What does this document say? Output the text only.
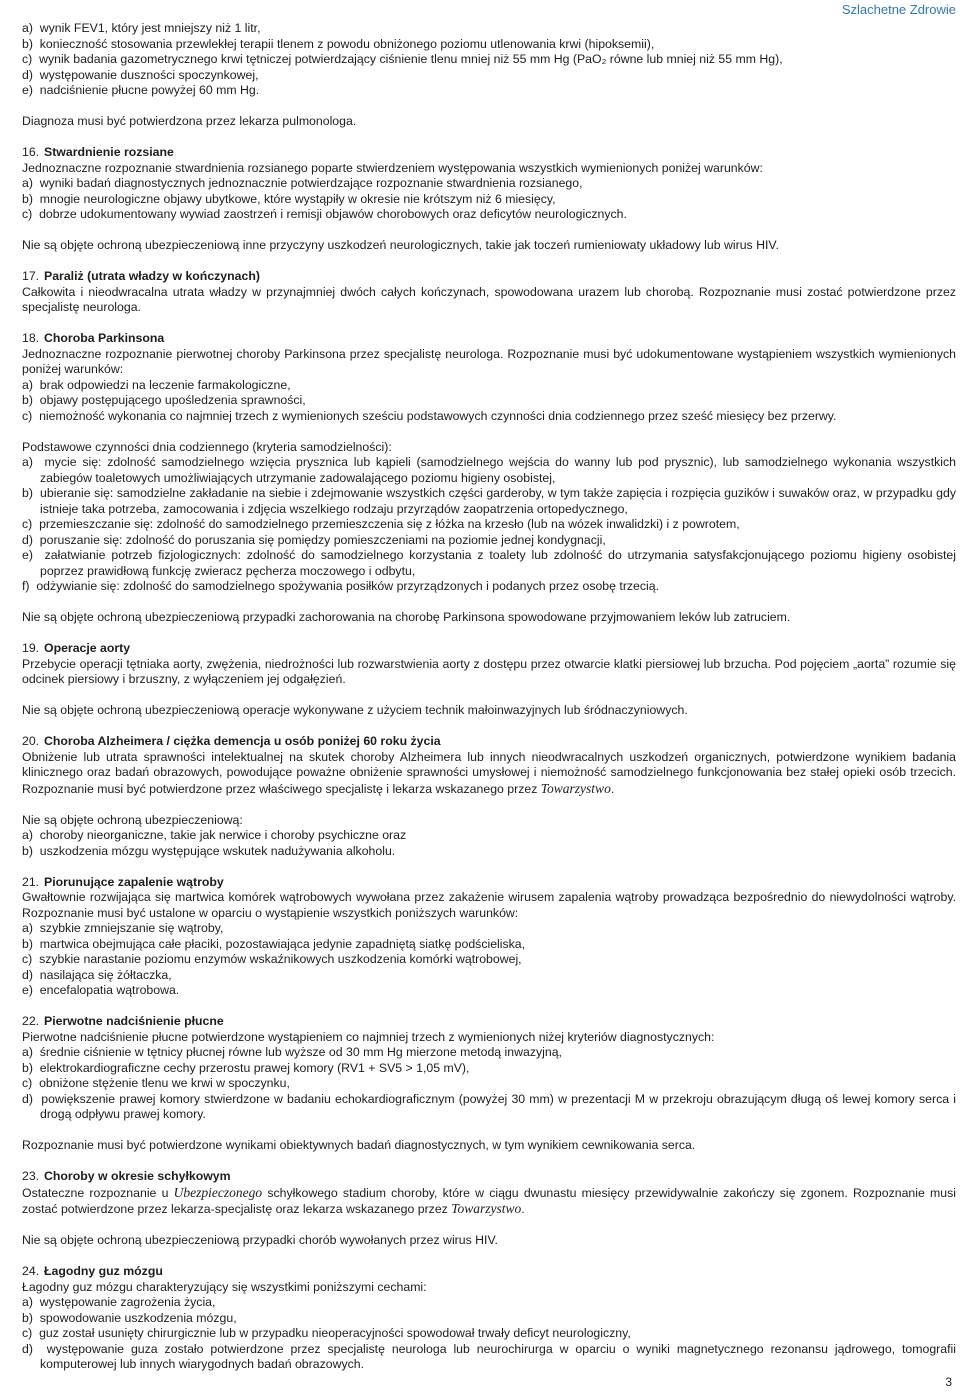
Szlachetne Zdrowie

a)  wynik FEV1, który jest mniejszy niż 1 litr,

b)  konieczność stosowania przewlekłej terapii tlenem z powodu obniżonego poziomu utlenowania krwi (hipoksemii),

c)  wynik badania gazometrycznego krwi tętniczej potwierdzający ciśnienie tlenu mniej niż 55 mm Hg (PaO₂ równe lub mniej niż 55 mm Hg),

d)  występowanie duszności spoczynkowej,

e)  nadciśnienie płucne powyżej 60 mm Hg.

Diagnoza musi być potwierdzona przez lekarza pulmonologa.

16. Stwardnienie rozsiane

Jednoznaczne rozpoznanie stwardnienia rozsianego poparte stwierdzeniem występowania wszystkich wymienionych poniżej warunków:

a)  wyniki badań diagnostycznych jednoznacznie potwierdzające rozpoznanie stwardnienia rozsianego,

b)  mnogie neurologiczne objawy ubytkowe, które wystąpiły w okresie nie krótszym niż 6 miesięcy,

c)  dobrze udokumentowany wywiad zaostrzeń i remisji objawów chorobowych oraz deficytów neurologicznych.

Nie są objęte ochroną ubezpieczeniową inne przyczyny uszkodzeń neurologicznych, takie jak toczeń rumieniowaty układowy lub wirus HIV.

17. Paraliż (utrata władzy w kończynach)

Całkowita i nieodwracalna utrata władzy w przynajmniej dwóch całych kończynach, spowodowana urazem lub chorobą. Rozpoznanie musi zostać potwierdzone przez specjalistę neurologa.

18. Choroba Parkinsona

Jednoznaczne rozpoznanie pierwotnej choroby Parkinsona przez specjalistę neurologa. Rozpoznanie musi być udokumentowane wystąpieniem wszystkich wymienionych poniżej warunków:

a)  brak odpowiedzi na leczenie farmakologiczne,

b)  objawy postępującego upośledzenia sprawności,

c)  niemożność wykonania co najmniej trzech z wymienionych sześciu podstawowych czynności dnia codziennego przez sześć miesięcy bez przerwy.

Podstawowe czynności dnia codziennego (kryteria samodzielności):

a)  mycie się: zdolność samodzielnego wzięcia prysznica lub kąpieli (samodzielnego wejścia do wanny lub pod prysznic), lub samodzielnego wykonania wszystkich zabiegów toaletowych umożliwiających utrzymanie zadowalającego poziomu higieny osobistej,

b)  ubieranie się: samodzielne zakładanie na siebie i zdejmowanie wszystkich części garderoby, w tym także zapięcia i rozpięcia guzików i suwaków oraz, w przypadku gdy istnieje taka potrzeba, zamocowania i zdjęcia wszelkiego rodzaju przyrządów zaopatrzenia ortopedycznego,

c)  przemieszczanie się: zdolność do samodzielnego przemieszczenia się z łóżka na krzesło (lub na wózek inwalidzki) i z powrotem,

d)  poruszanie się: zdolność do poruszania się pomiędzy pomieszczeniami na poziomie jednej kondygnacji,

e)  załatwianie potrzeb fizjologicznych: zdolność do samodzielnego korzystania z toalety lub zdolność do utrzymania satysfakcjonującego poziomu higieny osobistej poprzez prawidłową funkcję zwieracz pęcherza moczowego i odbytu,

f)  odżywianie się: zdolność do samodzielnego spożywania posiłków przyrządzonych i podanych przez osobę trzecią.

Nie są objęte ochroną ubezpieczeniową przypadki zachorowania na chorobę Parkinsona spowodowane przyjmowaniem leków lub zatruciem.

19. Operacje aorty

Przebycie operacji tętniaka aorty, zwężenia, niedrożności lub rozwarstwienia aorty z dostępu przez otwarcie klatki piersiowej lub brzucha. Pod pojęciem „aorta” rozumie się odcinek piersiowy i brzuszny, z wyłączeniem jej odgałęzień.

Nie są objęte ochroną ubezpieczeniową operacje wykonywane z użyciem technik małoinwazyjnych lub śródnaczyniowych.

20. Choroba Alzheimera / ciężka demencja u osób poniżej 60 roku życia

Obniżenie lub utrata sprawności intelektualnej na skutek choroby Alzheimera lub innych nieodwracalnych uszkodzeń organicznych, potwierdzone wynikiem badania klinicznego oraz badań obrazowych, powodujące poważne obniżenie sprawności umysłowej i niemożność samodzielnego funkcjonowania bez stałej opieki osób trzecich. Rozpoznanie musi być potwierdzone przez właściwego specjalistę i lekarza wskazanego przez Towarzystwo.

Nie są objęte ochroną ubezpieczeniową:

a)  choroby nieorganiczne, takie jak nerwice i choroby psychiczne oraz

b)  uszkodzenia mózgu występujące wskutek nadużywania alkoholu.

21. Piorunujące zapalenie wątroby

Gwałtownie rozwijająca się martwica komórek wątrobowych wywołana przez zakażenie wirusem zapalenia wątroby prowadząca bezpośrednio do niewydolności wątroby. Rozpoznanie musi być ustalone w oparciu o wystąpienie wszystkich poniższych warunków:

a)  szybkie zmniejszanie się wątroby,

b)  martwica obejmująca całe płaciki, pozostawiająca jedynie zapadniętą siatkę podścieliska,

c)  szybkie narastanie poziomu enzymów wskaźnikowych uszkodzenia komórki wątrobowej,

d)  nasilająca się żółtaczka,

e)  encefalopatia wątrobowa.

22. Pierwotne nadciśnienie płucne

Pierwotne nadciśnienie płucne potwierdzone wystąpieniem co najmniej trzech z wymienionych niżej kryteriów diagnostycznych:

a)  średnie ciśnienie w tętnicy płucnej równe lub wyższe od 30 mm Hg mierzone metodą inwazyjną,

b)  elektrokardiograficzne cechy przerostu prawej komory (RV1 + SV5 > 1,05 mV),

c)  obniżone stężenie tlenu we krwi w spoczynku,

d)  powiększenie prawej komory stwierdzone w badaniu echokardiograficznym (powyżej 30 mm) w prezentacji M w przekroju obrazującym długą oś lewej komory serca i drogą odpływu prawej komory.

Rozpoznanie musi być potwierdzone wynikami obiektywnych badań diagnostycznych, w tym wynikiem cewnikowania serca.

23. Choroby w okresie schyłkowym

Ostateczne rozpoznanie u Ubezpieczonego schyłkowego stadium choroby, które w ciągu dwunastu miesięcy przewidywalnie zakończy się zgonem. Rozpoznanie musi zostać potwierdzone przez lekarza-specjalistę oraz lekarza wskazanego przez Towarzystwo.

Nie są objęte ochroną ubezpieczeniową przypadki chorób wywołanych przez wirus HIV.

24. Łagodny guz mózgu

Łagodny guz mózgu charakteryzujący się wszystkimi poniższymi cechami:

a)  występowanie zagrożenia życia,

b)  spowodowanie uszkodzenia mózgu,

c)  guz został usunięty chirurgicznie lub w przypadku nieoperacyjności spowodował trwały deficyt neurologiczny,

d)  występowanie guza zostało potwierdzone przez specjalistę neurologa lub neurochirurga w oparciu o wyniki magnetycznego rezonansu jądrowego, tomografii komputerowej lub innych wiarygodnych badań obrazowych.

3
